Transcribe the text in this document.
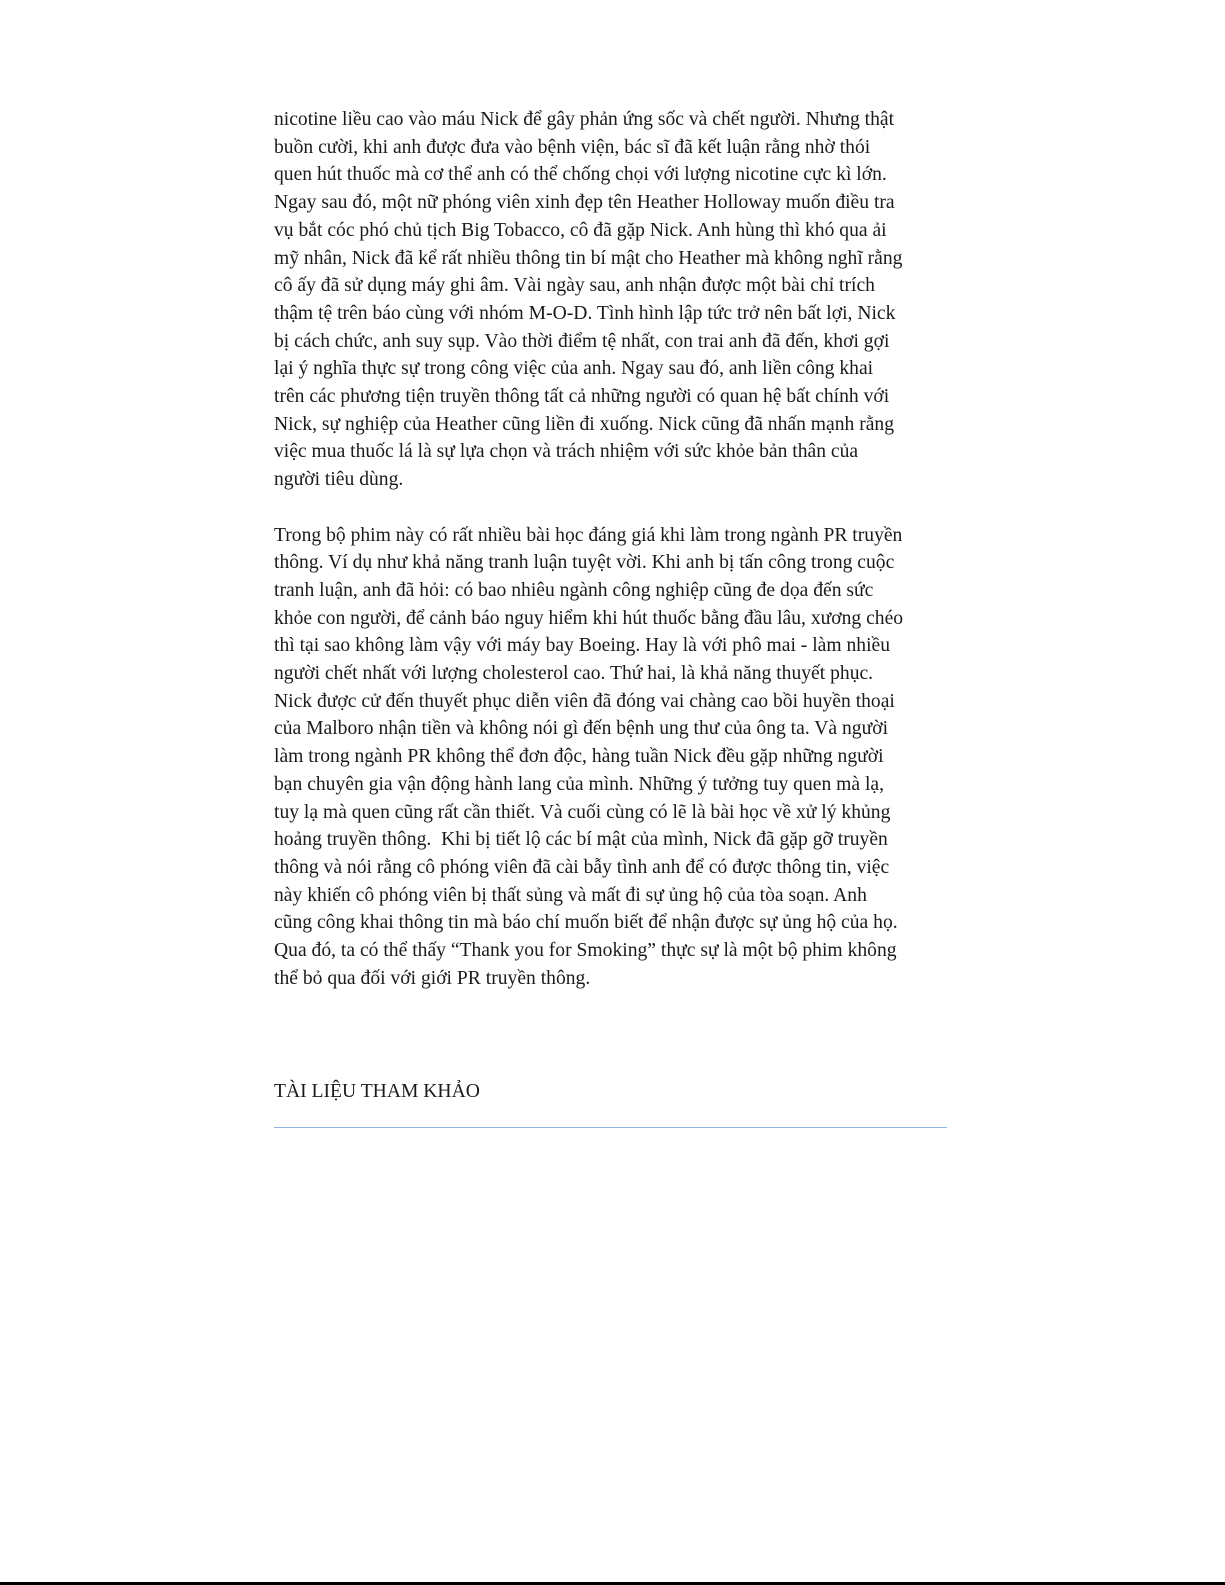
nicotine liều cao vào máu Nick để gây phản ứng sốc và chết người. Nhưng thật
buồn cười, khi anh được đưa vào bệnh viện, bác sĩ đã kết luận rằng nhờ thói
quen hút thuốc mà cơ thể anh có thể chống chọi với lượng nicotine cực kì lớn.
Ngay sau đó, một nữ phóng viên xinh đẹp tên Heather Holloway muốn điều tra
vụ bắt cóc phó chủ tịch Big Tobacco, cô đã gặp Nick. Anh hùng thì khó qua ải
mỹ nhân, Nick đã kể rất nhiều thông tin bí mật cho Heather mà không nghĩ rằng
cô ấy đã sử dụng máy ghi âm. Vài ngày sau, anh nhận được một bài chỉ trích
thậm tệ trên báo cùng với nhóm M-O-D. Tình hình lập tức trở nên bất lợi, Nick
bị cách chức, anh suy sụp. Vào thời điểm tệ nhất, con trai anh đã đến, khơi gợi
lại ý nghĩa thực sự trong công việc của anh. Ngay sau đó, anh liền công khai
trên các phương tiện truyền thông tất cả những người có quan hệ bất chính với
Nick, sự nghiệp của Heather cũng liền đi xuống. Nick cũng đã nhấn mạnh rằng
việc mua thuốc lá là sự lựa chọn và trách nhiệm với sức khỏe bản thân của
người tiêu dùng.

Trong bộ phim này có rất nhiều bài học đáng giá khi làm trong ngành PR truyền
thông. Ví dụ như khả năng tranh luận tuyệt vời. Khi anh bị tấn công trong cuộc
tranh luận, anh đã hỏi: có bao nhiêu ngành công nghiệp cũng đe dọa đến sức
khỏe con người, để cảnh báo nguy hiểm khi hút thuốc bằng đầu lâu, xương chéo
thì tại sao không làm vậy với máy bay Boeing. Hay là với phô mai - làm nhiều
người chết nhất với lượng cholesterol cao. Thứ hai, là khả năng thuyết phục.
Nick được cử đến thuyết phục diễn viên đã đóng vai chàng cao bồi huyền thoại
của Malboro nhận tiền và không nói gì đến bệnh ung thư của ông ta. Và người
làm trong ngành PR không thể đơn độc, hàng tuần Nick đều gặp những người
bạn chuyên gia vận động hành lang của mình. Những ý tưởng tuy quen mà lạ,
tuy lạ mà quen cũng rất cần thiết. Và cuối cùng có lẽ là bài học về xử lý khủng
hoảng truyền thông.  Khi bị tiết lộ các bí mật của mình, Nick đã gặp gỡ truyền
thông và nói rằng cô phóng viên đã cài bẫy tình anh để có được thông tin, việc
này khiến cô phóng viên bị thất sủng và mất đi sự ủng hộ của tòa soạn. Anh
cũng công khai thông tin mà báo chí muốn biết để nhận được sự ủng hộ của họ.
Qua đó, ta có thể thấy “Thank you for Smoking” thực sự là một bộ phim không
thể bỏ qua đối với giới PR truyền thông.

TÀI LIỆU THAM KHẢO
